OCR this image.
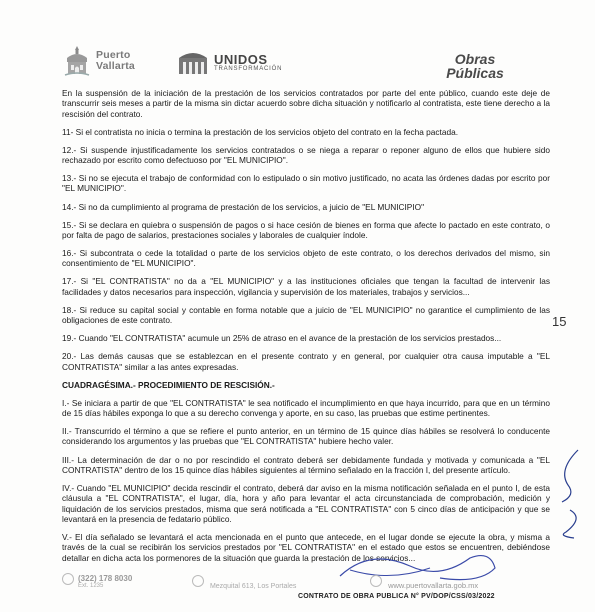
Puerto
Vallarta	UNIDOS
TRANSFORMACIÓN
Obras
Públicas

En la suspensión de la iniciación de la prestación de los servicios contratados por parte del ente público, cuando este deje de transcurrir seis meses a partir de la misma sin dictar acuerdo sobre dicha situación y notificarlo al contratista, este tiene derecho a la rescisión del contrato.

11- Si el contratista no inicia o termina la prestación de los servicios objeto del contrato en la fecha pactada.

12.- Si suspende injustificadamente los servicios contratados o se niega a reparar o reponer alguno de ellos que hubiere sido rechazado por escrito como defectuoso por "EL MUNICIPIO".

13.- Si no se ejecuta el trabajo de conformidad con lo estipulado o sin motivo justificado, no acata las órdenes dadas por escrito por "EL MUNICIPIO".

14.- Si no da cumplimiento al programa de prestación de los servicios, a juicio de "EL MUNICIPIO"

15.- Si se declara en quiebra o suspensión de pagos o si hace cesión de bienes en forma que afecte lo pactado en este contrato, o por falta de pago de salarios, prestaciones sociales y laborales de cualquier índole.

16.- Si subcontrata o cede la totalidad o parte de los servicios objeto de este contrato, o los derechos derivados del mismo, sin consentimiento de "EL MUNICIPIO".

17.- Si "EL CONTRATISTA" no da a "EL MUNICIPIO" y a las instituciones oficiales que tengan la facultad de intervenir las facilidades y datos necesarios para inspección, vigilancia y supervisión de los materiales, trabajos y servicios...

18.- Si reduce su capital social y contable en forma notable que a juicio de "EL MUNICIPIO" no garantice el cumplimiento de las obligaciones de este contrato.

19.- Cuando "EL CONTRATISTA" acumule un 25% de atraso en el avance de la prestación de los servicios prestados...

20.- Las demás causas que se establezcan en el presente contrato y en general, por cualquier otra causa imputable a "EL CONTRATISTA" similar a las antes expresadas.

CUADRAGÉSIMA.- PROCEDIMIENTO DE RESCISIÓN.-

I.- Se iniciara a partir de que "EL CONTRATISTA" le sea notificado el incumplimiento en que haya incurrido, para que en un término de 15 días hábiles exponga lo que a su derecho convenga y aporte, en su caso, las pruebas que estime pertinentes.

II.- Transcurrido el término a que se refiere el punto anterior, en un término de 15 quince días hábiles se resolverá lo conducente considerando los argumentos y las pruebas que "EL CONTRATISTA" hubiere hecho valer.

III.- La determinación de dar o no por rescindido el contrato deberá ser debidamente fundada y motivada y comunicada a "EL CONTRATISTA" dentro de los 15 quince días hábiles siguientes al término señalado en la fracción I, del presente artículo.

IV.- Cuando "EL MUNICIPIO" decida rescindir el contrato, deberá dar aviso en la misma notificación señalada en el punto I, de esta cláusula a "EL CONTRATISTA", el lugar, día, hora y año para levantar el acta circunstanciada de comprobación, medición y liquidación de los servicios prestados, misma que será notificada a "EL CONTRATISTA" con 5 cinco días de anticipación y que se levantará en la presencia de fedatario público.

V.- El día señalado se levantará el acta mencionada en el punto que antecede, en el lugar donde se ejecute la obra, y misma a través de la cual se recibirán los servicios prestados por "EL CONTRATISTA" en el estado que estos se encuentren, debiéndose detallar en dicha acta los pormenores de la situación que guarda la prestación de los servicios...

15
(322) 178 8030
Ext. 1235	Mezquital 613, Los Portales	www.puertovallarta.gob.mx
CONTRATO DE OBRA PUBLICA N° PV/DOP/CSS/03/2022
